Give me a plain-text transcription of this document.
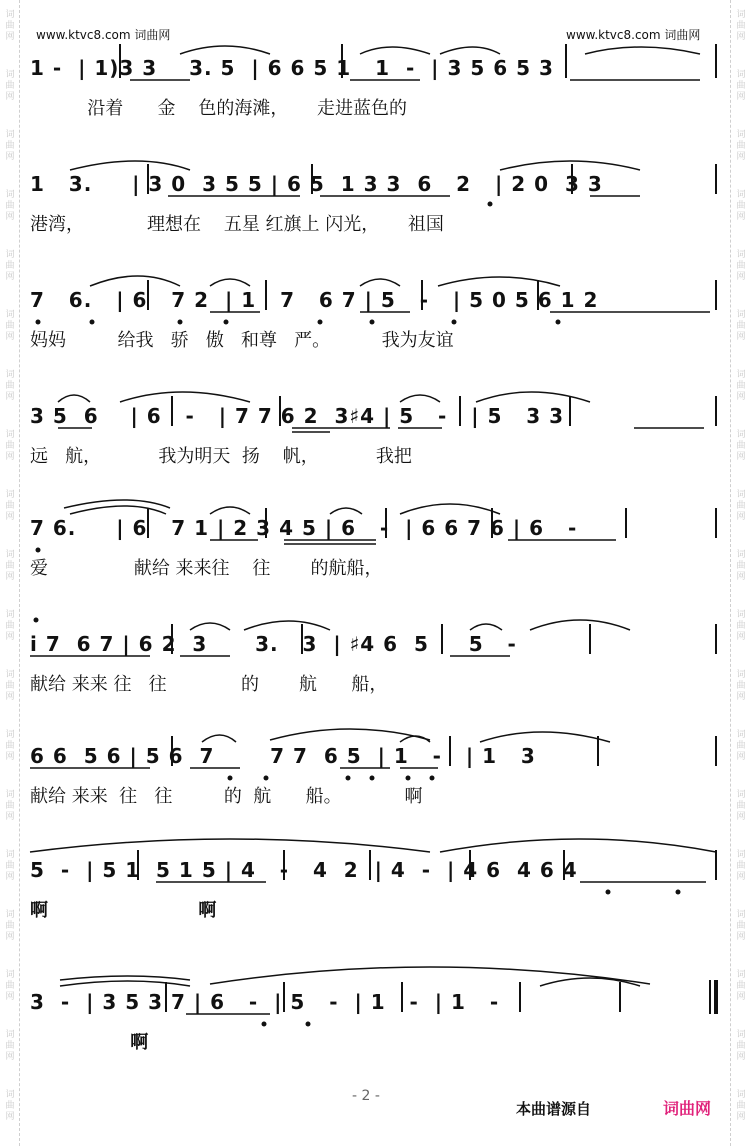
词
曲
网
词
曲
网
词
曲
网
词
曲
网
词
曲
网
词
曲
网
词
曲
网
词
曲
网
词
曲
网
词
曲
网
词
曲
网
词
曲
网
词
曲
网
词
曲
网
词
曲
网
词
曲
网
词
曲
网
词
曲
网
词
曲
网
词
曲
网
词
曲
网
词
曲
网
词
曲
网
词
曲
网
词
曲
网
词
曲
网
词
曲
网
词
曲
网
词
曲
网
词
曲
网
词
曲
网
词
曲
网
词
曲
网
词
曲
网
词
曲
网
词
曲
网
词
曲
网
词
曲
网
www.ktvc8.com 词曲网	www.ktvc8.com 词曲网
1 -  | 1)3 3    3. 5  | 6 6 5 1   1  -  | 3 5 6 5 3
沿着      金    色的海滩，     走进蓝色的
1   3.     | 3 0  3 5 5 | 6 5  1 3 3  6   2   | 2 0  3 3
港湾，           理想在    五星 红旗上 闪光，     祖国
7   6.   | 6   7 2  | 1   7   6 7 | 5   -   | 5 0 5 6 1 2
妈妈         给我   骄   傲   和尊   严。         我为友谊
3 5  6    | 6   -   | 7 7 6 2  3♯4 | 5   -   | 5   3 3
远   航，          我为明天  扬    帆，          我把
7 6.     | 6   7 1 | 2 3 4 5 | 6   -  | 6 6 7 6 | 6   -
爱               献给 来来往    往       的航船，
i 7  6 7 | 6 2  3      3.   3  | ♯4 6  5     5   -
献给 来来 往   往             的       航      船，
6 6  5 6 | 5 6  7       7 7  6 5  | 1   -   | 1   3
献给 来来  往   往         的  航      船。           啊
5  -  | 5 1  5 1 5 | 4   -   4  2  | 4  -  | 4 6  4 6 4
啊                        啊
3  -  | 3 5 3 7 | 6   -  | 5   -  | 1   -  | 1   -
啊
- 2 -
本曲谱源自	词曲网
